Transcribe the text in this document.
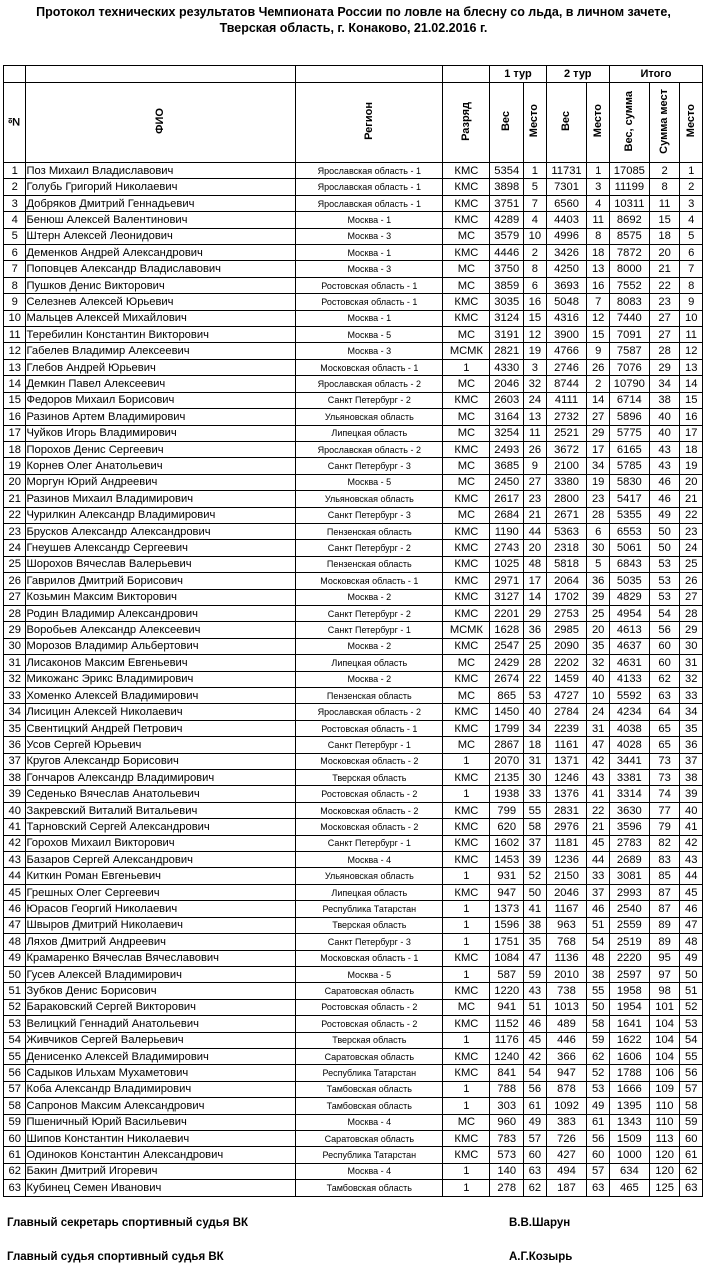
Протокол технических результатов Чемпионата России по ловле на блесну со льда, в личном зачете,
Тверская область, г. Конаково, 21.02.2016 г.
				1 тур		2 тур		Итого		
№	ФИО	Регион	Разряд	Вес	Место	Вес	Место	Вес, сумма	Сумма мест	Место
1	Поз Михаил Владиславович	Ярославская область - 1	КМС	5354	1	11731	1	17085	2	1
2	Голубь Григорий Николаевич	Ярославская область - 1	КМС	3898	5	7301	3	11199	8	2
3	Добряков Дмитрий Геннадьевич	Ярославская область - 1	КМС	3751	7	6560	4	10311	11	3
4	Бенюш Алексей Валентинович	Москва - 1	КМС	4289	4	4403	11	8692	15	4
5	Штерн Алексей Леонидович	Москва - 3	МС	3579	10	4996	8	8575	18	5
6	Деменков Андрей Александрович	Москва - 1	КМС	4446	2	3426	18	7872	20	6
7	Поповцев Александр Владиславович	Москва - 3	МС	3750	8	4250	13	8000	21	7
8	Пушков Денис Викторович	Ростовская область - 1	МС	3859	6	3693	16	7552	22	8
9	Селезнев Алексей Юрьевич	Ростовская область - 1	КМС	3035	16	5048	7	8083	23	9
10	Мальцев Алексей Михайлович	Москва - 1	КМС	3124	15	4316	12	7440	27	10
11	Теребилин Константин Викторович	Москва - 5	МС	3191	12	3900	15	7091	27	11
12	Габелев Владимир Алексеевич	Москва - 3	МСМК	2821	19	4766	9	7587	28	12
13	Глебов Андрей Юрьевич	Московская область - 1	1	4330	3	2746	26	7076	29	13
14	Демкин Павел Алексеевич	Ярославская область - 2	МС	2046	32	8744	2	10790	34	14
15	Федоров Михаил Борисович	Санкт Петербург - 2	КМС	2603	24	4111	14	6714	38	15
16	Разинов Артем Владимирович	Ульяновская область	МС	3164	13	2732	27	5896	40	16
17	Чуйков Игорь Владимирович	Липецкая область	МС	3254	11	2521	29	5775	40	17
18	Порохов Денис Сергеевич	Ярославская область - 2	КМС	2493	26	3672	17	6165	43	18
19	Корнев Олег Анатольевич	Санкт Петербург - 3	МС	3685	9	2100	34	5785	43	19
20	Моргун Юрий Андреевич	Москва - 5	МС	2450	27	3380	19	5830	46	20
21	Разинов Михаил Владимирович	Ульяновская область	КМС	2617	23	2800	23	5417	46	21
22	Чурилкин Александр Владимирович	Санкт Петербург - 3	МС	2684	21	2671	28	5355	49	22
23	Брусков Александр Александрович	Пензенская область	КМС	1190	44	5363	6	6553	50	23
24	Гнеушев Александр Сергеевич	Санкт Петербург - 2	КМС	2743	20	2318	30	5061	50	24
25	Шорохов Вячеслав Валерьевич	Пензенская область	КМС	1025	48	5818	5	6843	53	25
26	Гаврилов Дмитрий Борисович	Московская область - 1	КМС	2971	17	2064	36	5035	53	26
27	Козьмин Максим Викторович	Москва - 2	КМС	3127	14	1702	39	4829	53	27
28	Родин Владимир Александрович	Санкт Петербург - 2	КМС	2201	29	2753	25	4954	54	28
29	Воробьев Александр Алексеевич	Санкт Петербург - 1	МСМК	1628	36	2985	20	4613	56	29
30	Морозов Владимир Альбертович	Москва - 2	КМС	2547	25	2090	35	4637	60	30
31	Лисаконов Максим Евгеньевич	Липецкая область	МС	2429	28	2202	32	4631	60	31
32	Микожанс Эрикс Владимирович	Москва - 2	КМС	2674	22	1459	40	4133	62	32
33	Хоменко Алексей Владимирович	Пензенская область	МС	865	53	4727	10	5592	63	33
34	Лисицин Алексей Николаевич	Ярославская область - 2	КМС	1450	40	2784	24	4234	64	34
35	Свентицкий Андрей Петрович	Ростовская область - 1	КМС	1799	34	2239	31	4038	65	35
36	Усов Сергей Юрьевич	Санкт Петербург - 1	МС	2867	18	1161	47	4028	65	36
37	Кругов Александр Борисович	Московская область - 2	1	2070	31	1371	42	3441	73	37
38	Гончаров Александр Владимирович	Тверская область	КМС	2135	30	1246	43	3381	73	38
39	Седенько Вячеслав Анатольевич	Ростовская область - 2	1	1938	33	1376	41	3314	74	39
40	Закревский Виталий Витальевич	Московская область - 2	КМС	799	55	2831	22	3630	77	40
41	Тарновский Сергей Александрович	Московская область - 2	КМС	620	58	2976	21	3596	79	41
42	Горохов Михаил Викторович	Санкт Петербург - 1	КМС	1602	37	1181	45	2783	82	42
43	Базаров Сергей Александрович	Москва - 4	КМС	1453	39	1236	44	2689	83	43
44	Киткин Роман Евгеньевич	Ульяновская область	1	931	52	2150	33	3081	85	44
45	Грешных Олег Сергеевич	Липецкая область	КМС	947	50	2046	37	2993	87	45
46	Юрасов Георгий Николаевич	Республика Татарстан	1	1373	41	1167	46	2540	87	46
47	Швыров Дмитрий Николаевич	Тверская область	1	1596	38	963	51	2559	89	47
48	Ляхов Дмитрий Андреевич	Санкт Петербург - 3	1	1751	35	768	54	2519	89	48
49	Крамаренко Вячеслав Вячеславович	Московская область - 1	КМС	1084	47	1136	48	2220	95	49
50	Гусев Алексей Владимирович	Москва - 5	1	587	59	2010	38	2597	97	50
51	Зубков Денис Борисович	Саратовская область	КМС	1220	43	738	55	1958	98	51
52	Бараковский Сергей Викторович	Ростовская область - 2	МС	941	51	1013	50	1954	101	52
53	Велицкий Геннадий Анатольевич	Ростовская область - 2	КМС	1152	46	489	58	1641	104	53
54	Живчиков Сергей Валерьевич	Тверская область	1	1176	45	446	59	1622	104	54
55	Денисенко Алексей Владимирович	Саратовская область	КМС	1240	42	366	62	1606	104	55
56	Садыков Ильхам Мухаметович	Республика Татарстан	КМС	841	54	947	52	1788	106	56
57	Коба Александр Владимирович	Тамбовская область	1	788	56	878	53	1666	109	57
58	Сапронов Максим Александрович	Тамбовская область	1	303	61	1092	49	1395	110	58
59	Пшеничный Юрий Васильевич	Москва - 4	МС	960	49	383	61	1343	110	59
60	Шипов Константин Николаевич	Саратовская область	КМС	783	57	726	56	1509	113	60
61	Одиноков Константин Александрович	Республика Татарстан	КМС	573	60	427	60	1000	120	61
62	Бакин Дмитрий Игоревич	Москва - 4	1	140	63	494	57	634	120	62
63	Кубинец Семен Иванович	Тамбовская область	1	278	62	187	63	465	125	63
Главный секретарь спортивный судья ВК	В.В.Шарун
Главный судья спортивный судья ВК	А.Г.Козырь
